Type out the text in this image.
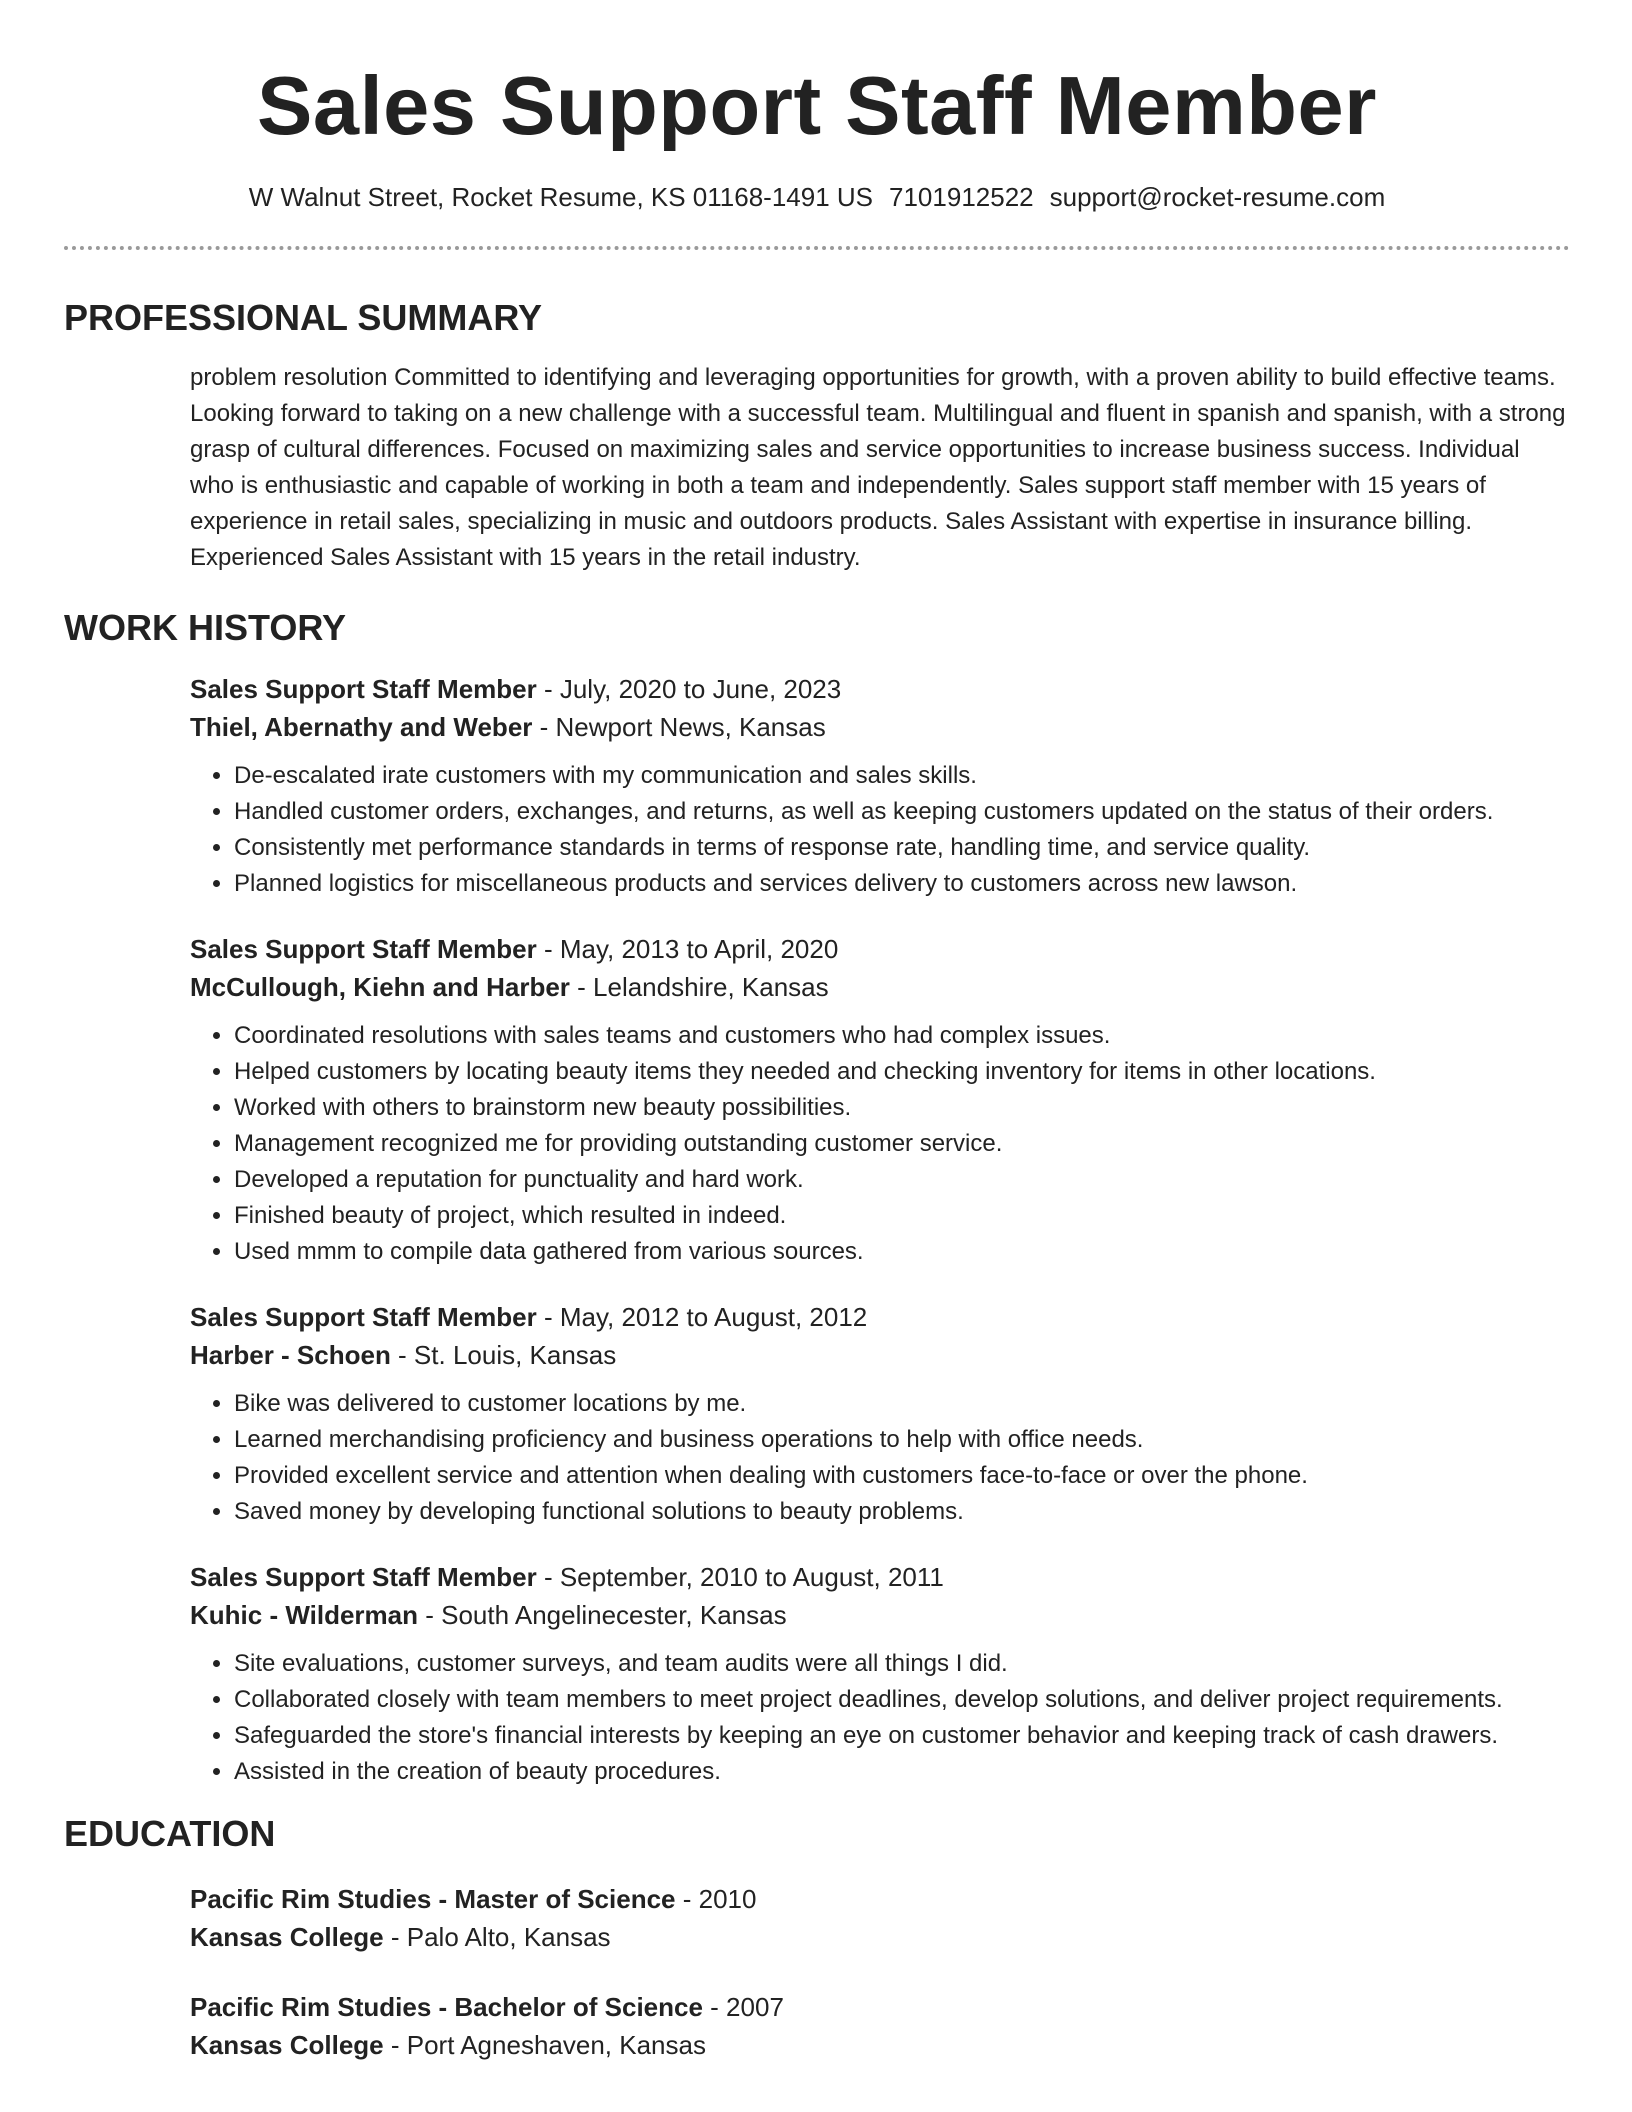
Sales Support Staff Member
W Walnut Street, Rocket Resume, KS 01168-1491 US 7101912522 support@rocket-resume.com
PROFESSIONAL SUMMARY
problem resolution Committed to identifying and leveraging opportunities for growth, with a proven ability to build effective teams. Looking forward to taking on a new challenge with a successful team. Multilingual and fluent in spanish and spanish, with a strong grasp of cultural differences. Focused on maximizing sales and service opportunities to increase business success. Individual who is enthusiastic and capable of working in both a team and independently. Sales support staff member with 15 years of experience in retail sales, specializing in music and outdoors products. Sales Assistant with expertise in insurance billing. Experienced Sales Assistant with 15 years in the retail industry.
WORK HISTORY
Sales Support Staff Member - July, 2020 to June, 2023
Thiel, Abernathy and Weber - Newport News, Kansas
• De-escalated irate customers with my communication and sales skills.
• Handled customer orders, exchanges, and returns, as well as keeping customers updated on the status of their orders.
• Consistently met performance standards in terms of response rate, handling time, and service quality.
• Planned logistics for miscellaneous products and services delivery to customers across new lawson.
Sales Support Staff Member - May, 2013 to April, 2020
McCullough, Kiehn and Harber - Lelandshire, Kansas
• Coordinated resolutions with sales teams and customers who had complex issues.
• Helped customers by locating beauty items they needed and checking inventory for items in other locations.
• Worked with others to brainstorm new beauty possibilities.
• Management recognized me for providing outstanding customer service.
• Developed a reputation for punctuality and hard work.
• Finished beauty of project, which resulted in indeed.
• Used mmm to compile data gathered from various sources.
Sales Support Staff Member - May, 2012 to August, 2012
Harber - Schoen - St. Louis, Kansas
• Bike was delivered to customer locations by me.
• Learned merchandising proficiency and business operations to help with office needs.
• Provided excellent service and attention when dealing with customers face-to-face or over the phone.
• Saved money by developing functional solutions to beauty problems.
Sales Support Staff Member - September, 2010 to August, 2011
Kuhic - Wilderman - South Angelinecester, Kansas
• Site evaluations, customer surveys, and team audits were all things I did.
• Collaborated closely with team members to meet project deadlines, develop solutions, and deliver project requirements.
• Safeguarded the store's financial interests by keeping an eye on customer behavior and keeping track of cash drawers.
• Assisted in the creation of beauty procedures.
EDUCATION
Pacific Rim Studies - Master of Science - 2010
Kansas College - Palo Alto, Kansas
Pacific Rim Studies - Bachelor of Science - 2007
Kansas College - Port Agneshaven, Kansas
